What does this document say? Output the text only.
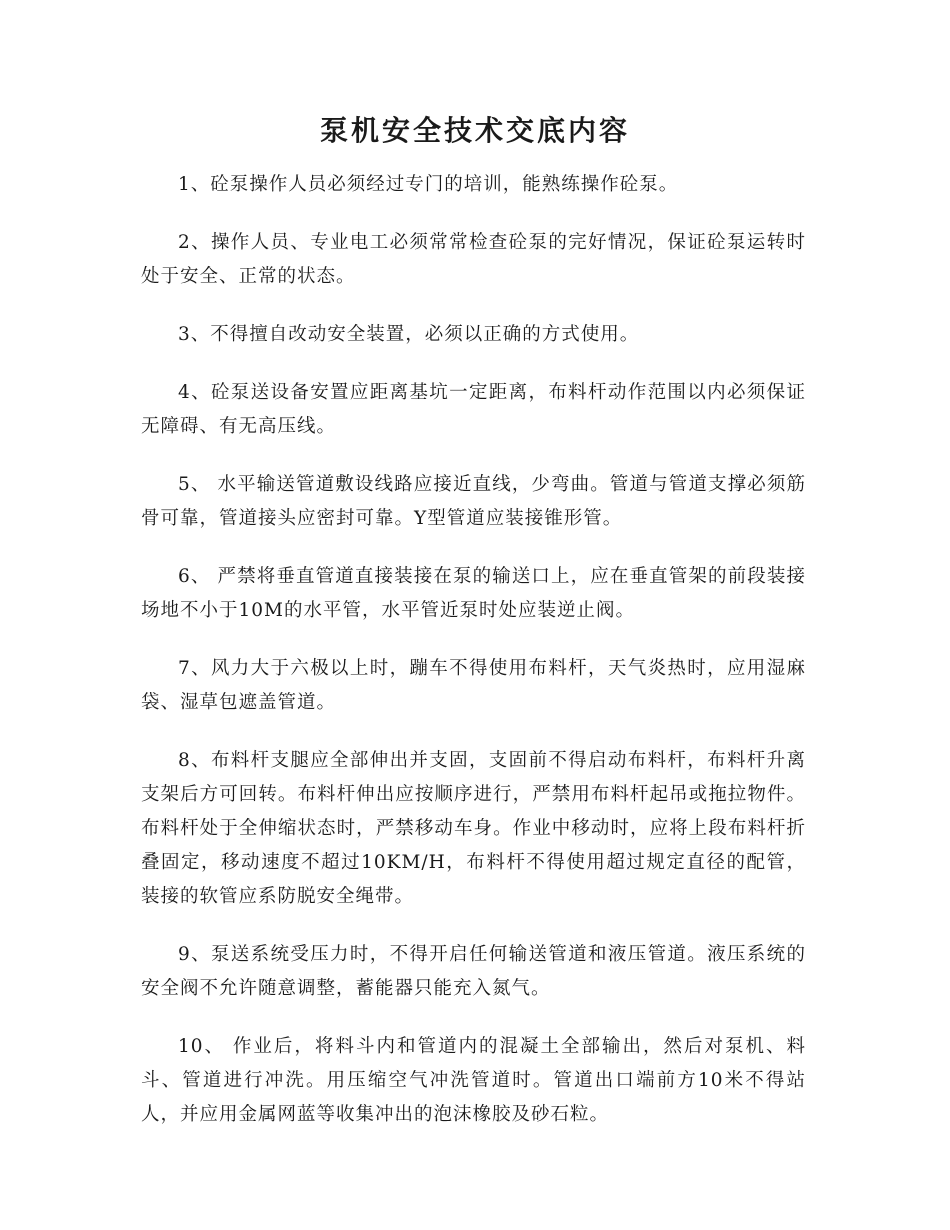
泵机安全技术交底内容

1、砼泵操作人员必须经过专门的培训，能熟练操作砼泵。

2、操作人员、专业电工必须常常检查砼泵的完好情况，保证砼泵运转时处于安全、正常的状态。

3、不得擅自改动安全装置，必须以正确的方式使用。

4、砼泵送设备安置应距离基坑一定距离，布料杆动作范围以内必须保证无障碍、有无高压线。

5、 水平输送管道敷设线路应接近直线，少弯曲。管道与管道支撑必须筋骨可靠，管道接头应密封可靠。Y型管道应装接锥形管。

6、 严禁将垂直管道直接装接在泵的输送口上，应在垂直管架的前段装接场地不小于10M的水平管，水平管近泵时处应装逆止阀。

7、风力大于六极以上时，蹦车不得使用布料杆，天气炎热时，应用湿麻袋、湿草包遮盖管道。

8、布料杆支腿应全部伸出并支固，支固前不得启动布料杆，布料杆升离支架后方可回转。布料杆伸出应按顺序进行，严禁用布料杆起吊或拖拉物件。布料杆处于全伸缩状态时，严禁移动车身。作业中移动时，应将上段布料杆折叠固定，移动速度不超过10KM/H，布料杆不得使用超过规定直径的配管，装接的软管应系防脱安全绳带。

9、泵送系统受压力时，不得开启任何输送管道和液压管道。液压系统的安全阀不允许随意调整，蓄能器只能充入氮气。

10、 作业后，将料斗内和管道内的混凝土全部输出，然后对泵机、料斗、管道进行冲洗。用压缩空气冲洗管道时。管道出口端前方10米不得站人，并应用金属网蓝等收集冲出的泡沫橡胶及砂石粒。
